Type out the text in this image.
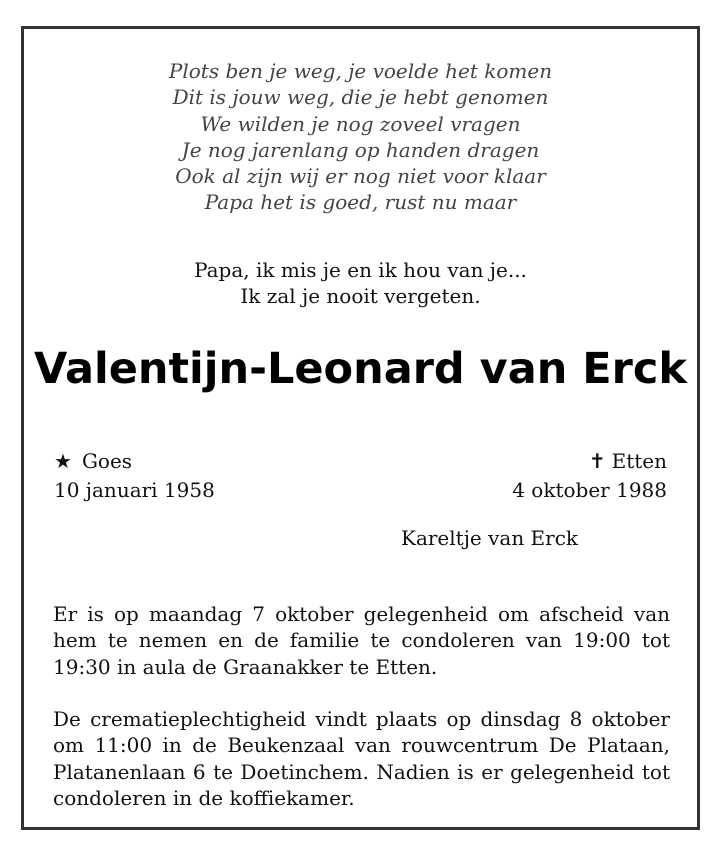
Plots ben je weg, je voelde het komen
Dit is jouw weg, die je hebt genomen
We wilden je nog zoveel vragen
Je nog jarenlang op handen dragen
Ook al zijn wij er nog niet voor klaar
Papa het is goed, rust nu maar
Papa, ik mis je en ik hou van je...
Ik zal je nooit vergeten.
Valentijn-Leonard van Erck
★ Goes
10 januari 1958
✝ Etten
4 oktober 1988
Kareltje van Erck

Er is op maandag 7 oktober gelegenheid om afscheid van hem te nemen en de familie te condoleren van 19:00 tot 19:30 in aula de Graanakker te Etten.

De crematieplechtigheid vindt plaats op dinsdag 8 oktober om 11:00 in de Beukenzaal van rouwcentrum De Plataan, Platanenlaan 6 te Doetinchem. Nadien is er gelegenheid tot condoleren in de koffiekamer.
